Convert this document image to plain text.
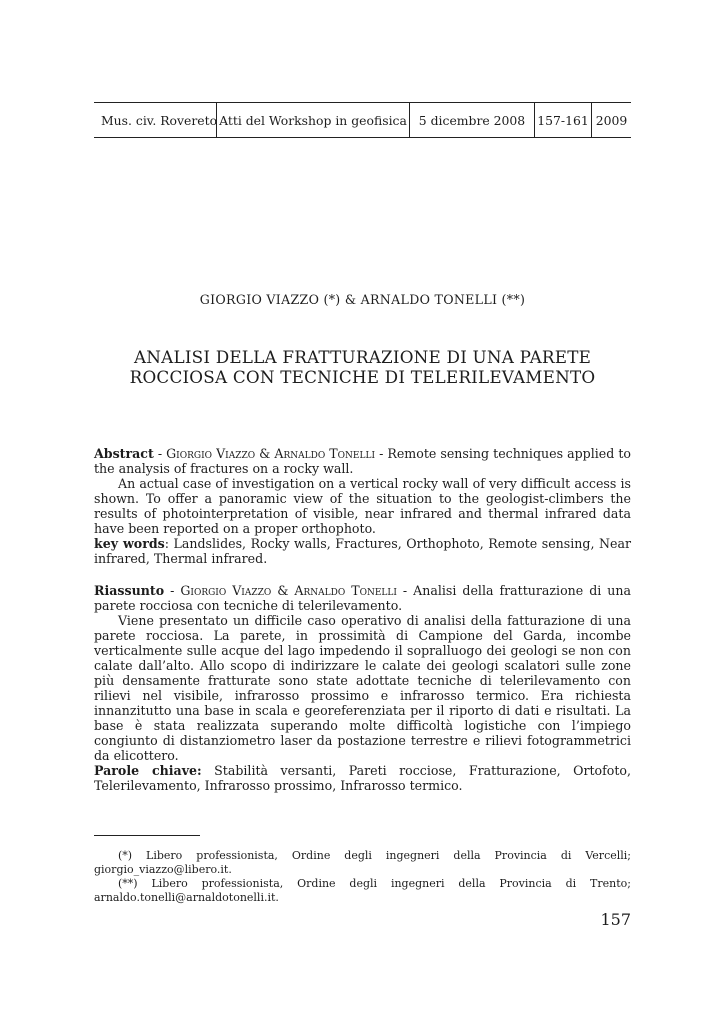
Mus. civ. Rovereto Atti del Workshop in geofisica 5 dicembre 2008 157-161 2009
GIORGIO VIAZZO (*) & ARNALDO TONELLI (**)
ANALISI DELLA FRATTURAZIONE DI UNA PARETE
ROCCIOSA CON TECNICHE DI TELERILEVAMENTO

Abstract - Giorgio Viazzo & Arnaldo Tonelli - Remote sensing techniques applied to the analysis of fractures on a rocky wall.

An actual case of investigation on a vertical rocky wall of very difficult access is shown. To offer a panoramic view of the situation to the geologist-climbers the results of photointerpretation of visible, near infrared and thermal infrared data have been reported on a proper orthophoto.

key words: Landslides, Rocky walls, Fractures, Orthophoto, Remote sensing, Near infrared, Thermal infrared.

Riassunto - Giorgio Viazzo & Arnaldo Tonelli - Analisi della fratturazione di una parete rocciosa con tecniche di telerilevamento.

Viene presentato un difficile caso operativo di analisi della fatturazione di una parete rocciosa. La parete, in prossimità di Campione del Garda, incombe verticalmente sulle acque del lago impedendo il sopralluogo dei geologi se non con calate dall’alto. Allo scopo di indirizzare le calate dei geologi scalatori sulle zone più densamente fratturate sono state adottate tecniche di telerilevamento con rilievi nel visibile, infrarosso prossimo e infrarosso termico. Era richiesta innanzitutto una base in scala e georeferenziata per il riporto di dati e risultati. La base è stata realizzata superando molte difficoltà logistiche con l’impiego congiunto di distanziometro laser da postazione terrestre e rilievi fotogrammetrici da elicottero.

Parole chiave: Stabilità versanti, Pareti rocciose, Fratturazione, Ortofoto, Telerilevamento, Infrarosso prossimo, Infrarosso termico.

(*) Libero professionista, Ordine degli ingegneri della Provincia di Vercelli; giorgio_viazzo@libero.it.

(**) Libero professionista, Ordine degli ingegneri della Provincia di Trento; arnaldo.tonelli@arnaldotonelli.it.

157
